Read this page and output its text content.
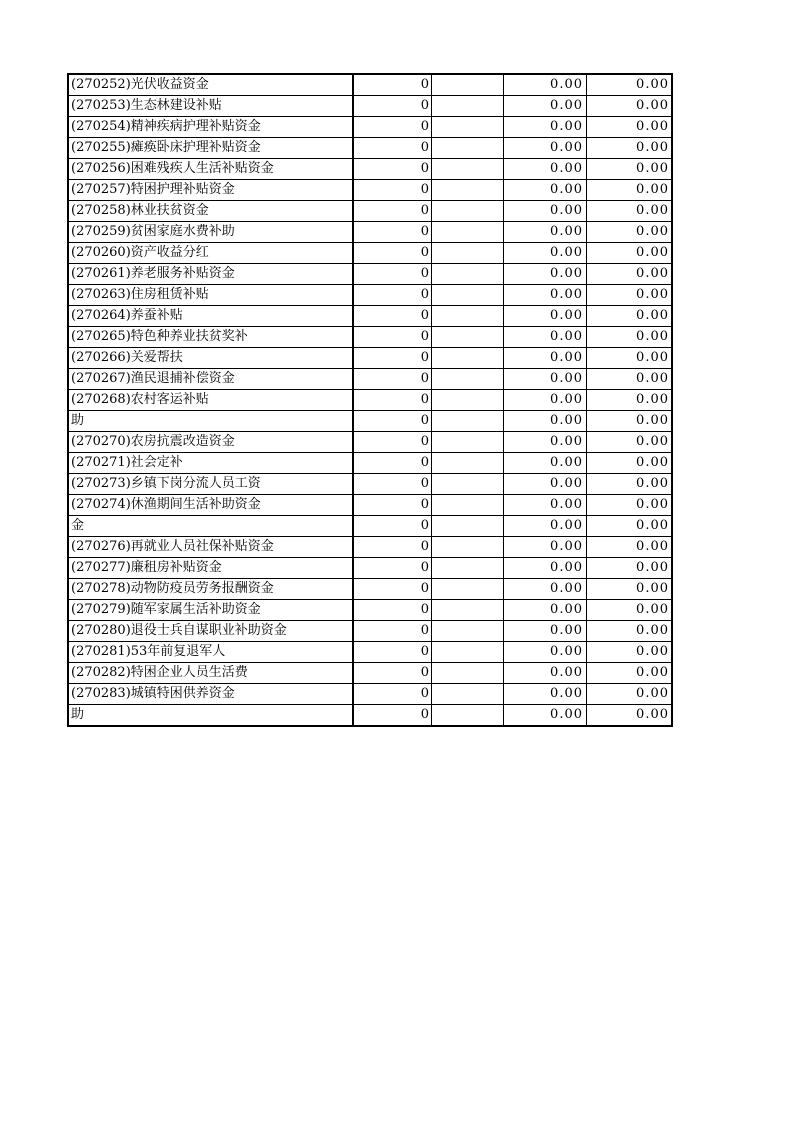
(270252)光伏收益资金	0		0.00	0.00
(270253)生态林建设补贴	0		0.00	0.00
(270254)精神疾病护理补贴资金	0		0.00	0.00
(270255)瘫痪卧床护理补贴资金	0		0.00	0.00
(270256)困难残疾人生活补贴资金	0		0.00	0.00
(270257)特困护理补贴资金	0		0.00	0.00
(270258)林业扶贫资金	0		0.00	0.00
(270259)贫困家庭水费补助	0		0.00	0.00
(270260)资产收益分红	0		0.00	0.00
(270261)养老服务补贴资金	0		0.00	0.00
(270263)住房租赁补贴	0		0.00	0.00
(270264)养蚕补贴	0		0.00	0.00
(270265)特色种养业扶贫奖补	0		0.00	0.00
(270266)关爱帮扶	0		0.00	0.00
(270267)渔民退捕补偿资金	0		0.00	0.00
(270268)农村客运补贴	0		0.00	0.00
助	0		0.00	0.00
(270270)农房抗震改造资金	0		0.00	0.00
(270271)社会定补	0		0.00	0.00
(270273)乡镇下岗分流人员工资	0		0.00	0.00
(270274)休渔期间生活补助资金	0		0.00	0.00
金	0		0.00	0.00
(270276)再就业人员社保补贴资金	0		0.00	0.00
(270277)廉租房补贴资金	0		0.00	0.00
(270278)动物防疫员劳务报酬资金	0		0.00	0.00
(270279)随军家属生活补助资金	0		0.00	0.00
(270280)退役士兵自谋职业补助资金	0		0.00	0.00
(270281)53年前复退军人	0		0.00	0.00
(270282)特困企业人员生活费	0		0.00	0.00
(270283)城镇特困供养资金	0		0.00	0.00
助	0		0.00	0.00
